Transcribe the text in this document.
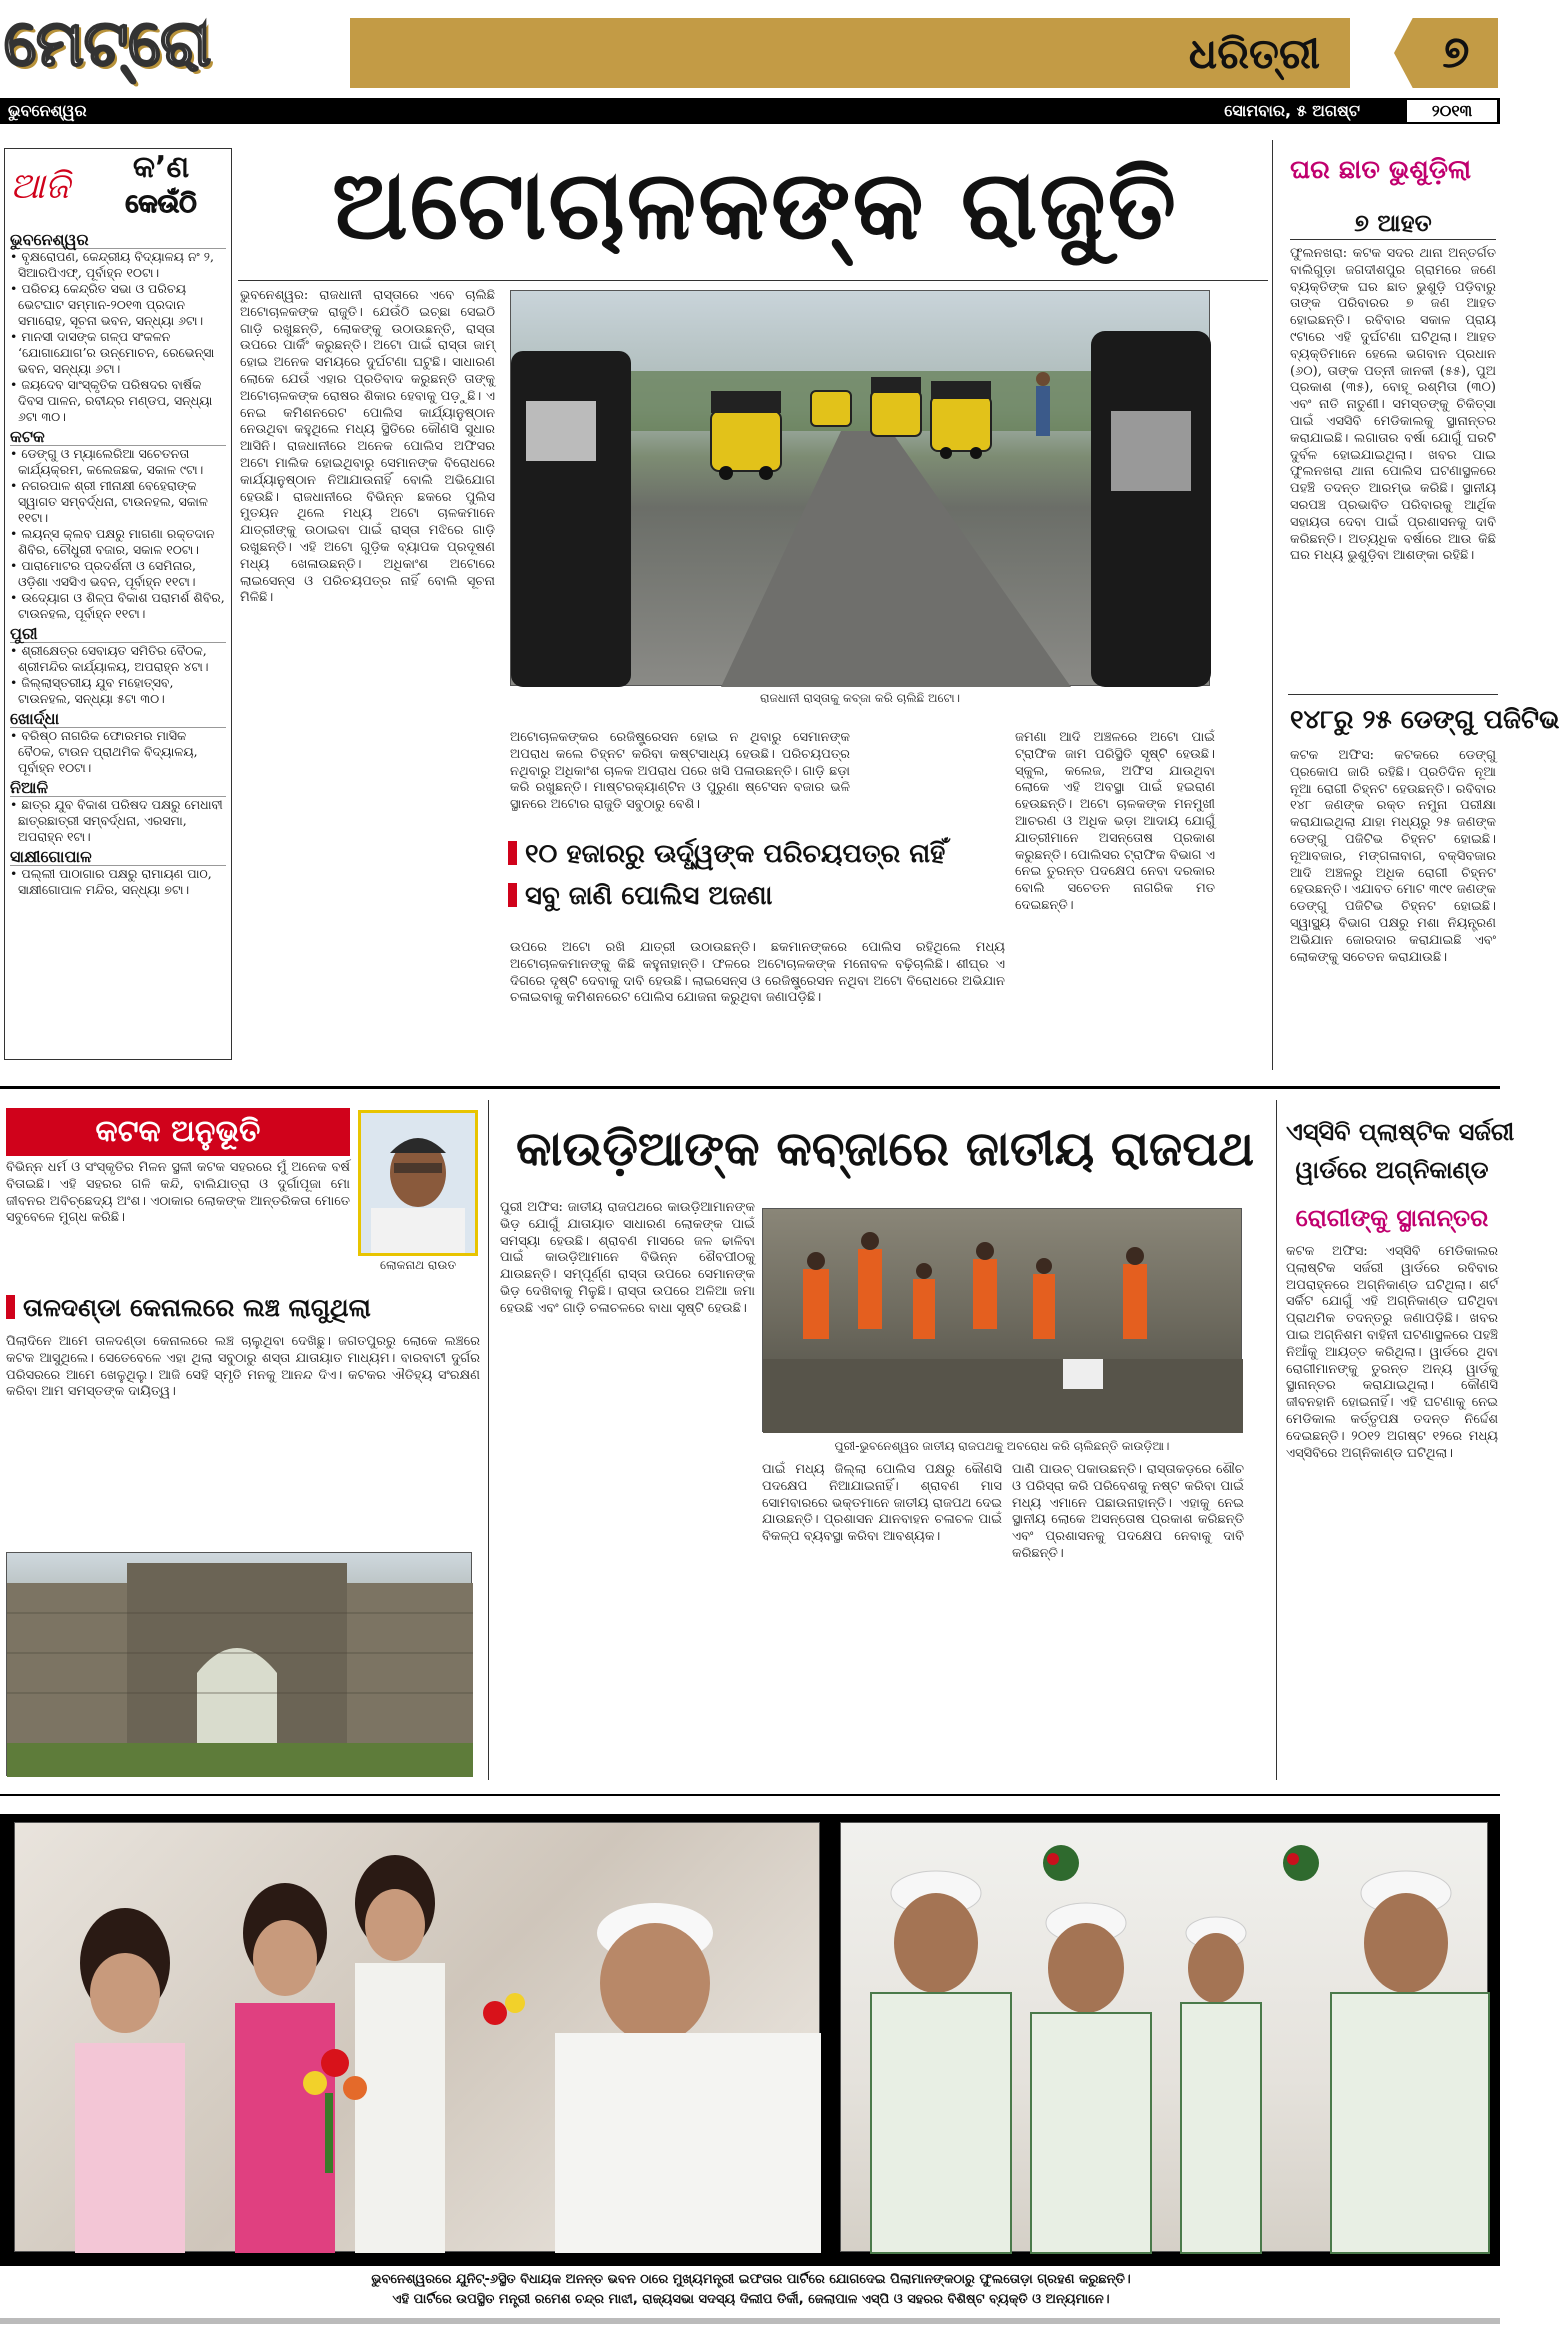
ମେଟ୍ରୋ	ଧରିତ୍ରୀ	୭
ଭୁବନେଶ୍ୱର	ସୋମବାର, ୫ ଅଗଷ୍ଟ	୨୦୧୩
ଆଜି	କ’ଣ
କେଉଁଠି
ଭୁବନେଶ୍ୱର
• ବୃକ୍ଷରୋପଣ, କେନ୍ଦ୍ରୀୟ ବିଦ୍ୟାଳୟ ନଂ ୨, ସିଆରପିଏଫ୍, ପୂର୍ବାହ୍ନ ୧୦ଟା।
• ପରିଚୟ କେନ୍ଦ୍ରିତ ସଭା ଓ ପରିଚୟ ଭେଟଘାଟ ସମ୍ମାନ-୨୦୧୩ ପ୍ରଦାନ ସମାରୋହ, ସୂଚନା ଭବନ, ସନ୍ଧ୍ୟା ୬ଟା।
• ମାନସୀ ଦାସଙ୍କ ଗଳ୍ପ ସଂକଳନ ‘ଯୋଗାଯୋଗ’ର ଉନ୍ମୋଚନ, ରେଭେନ୍ସା ଭବନ, ସନ୍ଧ୍ୟା ୬ଟା।
• ଜୟଦେବ ସାଂସ୍କୃତିକ ପରିଷଦର ବାର୍ଷିକ ଦିବସ ପାଳନ, ରବୀନ୍ଦ୍ର ମଣ୍ଡପ, ସନ୍ଧ୍ୟା ୬ଟା ୩୦।
କଟକ
• ଡେଙ୍ଗୁ ଓ ମ୍ୟାଲେରିଆ ସଚେତନତା କାର୍ଯ୍ୟକ୍ରମ, କଲେଜଛକ, ସକାଳ ୯ଟା।
• ନଗରପାଳ ଶ୍ରୀ ମୀନାକ୍ଷୀ ବେହେରାଙ୍କ ସ୍ୱାଗତ ସମ୍ବର୍ଦ୍ଧନା, ଟାଉନହଲ, ସକାଳ ୧୧ଟା।
• ଲୟନ୍ସ କ୍ଲବ ପକ୍ଷରୁ ମାଗଣା ରକ୍ତଦାନ ଶିବିର, ଚୌଧୁରୀ ବଜାର, ସକାଳ ୧୦ଟା।
• ପାରାମୋଟର ପ୍ରଦର୍ଶନୀ ଓ ସେମିନାର, ଓଡ଼ିଶା ଏସସିଏ ଭବନ, ପୂର୍ବାହ୍ନ ୧୧ଟା।
• ଉଦ୍ୟୋଗ ଓ ଶିଳ୍ପ ବିକାଶ ପରାମର୍ଶ ଶିବିର, ଟାଉନହଲ, ପୂର୍ବାହ୍ନ ୧୧ଟା।
ପୁରୀ
• ଶ୍ରୀକ୍ଷେତ୍ର ସେବାୟତ ସମିତିର ବୈଠକ, ଶ୍ରୀମନ୍ଦିର କାର୍ଯ୍ୟାଳୟ, ଅପରାହ୍ନ ୪ଟା।
• ଜିଲ୍ଲାସ୍ତରୀୟ ଯୁବ ମହୋତ୍ସବ, ଟାଉନହଲ, ସନ୍ଧ୍ୟା ୫ଟା ୩୦।
ଖୋର୍ଦ୍ଧା
• ବରିଷ୍ଠ ନାଗରିକ ଫୋରମର ମାସିକ ବୈଠକ, ଟାଉନ ପ୍ରାଥମିକ ବିଦ୍ୟାଳୟ, ପୂର୍ବାହ୍ନ ୧୦ଟା।
ନିଆଳି
• ଛାତ୍ର ଯୁବ ବିକାଶ ପରିଷଦ ପକ୍ଷରୁ ମେଧାବୀ ଛାତ୍ରଛାତ୍ରୀ ସମ୍ବର୍ଦ୍ଧନା, ଏରସମା, ଅପରାହ୍ନ ୧ଟା।
ସାକ୍ଷୀଗୋପାଳ
• ପଲ୍ଲୀ ପାଠାଗାର ପକ୍ଷରୁ ରାମାୟଣ ପାଠ, ସାକ୍ଷୀଗୋପାଳ ମନ୍ଦିର, ସନ୍ଧ୍ୟା ୭ଟା।
ଅଟୋଚାଳକଙ୍କ ରାଜୁତି
ଭୁବନେଶ୍ୱର: ରାଜଧାନୀ ରାସ୍ତାରେ ଏବେ ଚାଲିଛି ଅଟୋଚାଳକଙ୍କ ରାଜୁତି। ଯେଉଁଠି ଇଚ୍ଛା ସେଇଠି ଗାଡ଼ି ରଖୁଛନ୍ତି, ଲୋକଙ୍କୁ ଉଠାଉଛନ୍ତି, ରାସ୍ତା ଉପରେ ପାର୍କିଂ କରୁଛନ୍ତି। ଅଟୋ ପାଇଁ ରାସ୍ତା ଜାମ୍ ହୋଇ ଅନେକ ସମୟରେ ଦୁର୍ଘଟଣା ଘଟୁଛି। ସାଧାରଣ ଲୋକେ ଯେଉଁ ଏହାର ପ୍ରତିବାଦ କରୁଛନ୍ତି ତାଙ୍କୁ ଅଟୋଚାଳକଙ୍କ ରୋଷର ଶିକାର ହେବାକୁ ପଡ଼ୁଛି। ଏ ନେଇ କମିଶନରେଟ ପୋଲିସ କାର୍ଯ୍ୟାନୁଷ୍ଠାନ ନେଉଥିବା କହୁଥିଲେ ମଧ୍ୟ ସ୍ଥିତିରେ କୌଣସି ସୁଧାର ଆସିନି। ରାଜଧାନୀରେ ଅନେକ ପୋଲିସ ଅଫିସର ଅଟୋ ମାଲିକ ହୋଇଥିବାରୁ ସେମାନଙ୍କ ବିରୋଧରେ କାର୍ଯ୍ୟାନୁଷ୍ଠାନ ନିଆଯାଉନାହିଁ ବୋଲି ଅଭିଯୋଗ ହେଉଛି। ରାଜଧାନୀରେ ବିଭିନ୍ନ ଛକରେ ପୁଲିସ ମୁତୟନ ଥିଲେ ମଧ୍ୟ ଅଟୋ ଚାଳକମାନେ ଯାତ୍ରୀଙ୍କୁ ଉଠାଇବା ପାଇଁ ରାସ୍ତା ମଝିରେ ଗାଡ଼ି ରଖୁଛନ୍ତି। ଏହି ଅଟୋ ଗୁଡ଼ିକ ବ୍ୟାପକ ପ୍ରଦୂଷଣ ମଧ୍ୟ ଖେଳାଉଛନ୍ତି। ଅଧିକାଂଶ ଅଟୋରେ ଲାଇସେନ୍ସ ଓ ପରିଚୟପତ୍ର ନାହିଁ ବୋଲି ସୂଚନା ମିଳିଛି।
ରାଜଧାନୀ ରାସ୍ତାକୁ କବ୍ଜା କରି ଚାଲିଛି ଅଟୋ।
ଅଟୋଚାଳକଙ୍କର ରେଜିଷ୍ଟ୍ରେସନ ହୋଇ ନ ଥିବାରୁ ସେମାନଙ୍କ ଅପରାଧ କଲେ ଚିହ୍ନଟ କରିବା କଷ୍ଟସାଧ୍ୟ ହେଉଛି। ପରିଚୟପତ୍ର ନଥିବାରୁ ଅଧିକାଂଶ ଚାଳକ ଅପରାଧ ପରେ ଖସି ପଳାଉଛନ୍ତି। ଗାଡ଼ି ଛଡ଼ା କରି ରଖୁଛନ୍ତି। ମାଷ୍ଟରକ୍ୟାଣ୍ଟିନ ଓ ପୁରୁଣା ଷ୍ଟେସନ ବଜାର ଭଳି ସ୍ଥାନରେ ଅଟୋର ରାଜୁତି ସବୁଠାରୁ ବେଶି।
ଜମଣା ଆଦି ଅଞ୍ଚଳରେ ଅଟୋ ପାଇଁ ଟ୍ରାଫିକ ଜାମ ପରିସ୍ଥିତି ସୃଷ୍ଟି ହେଉଛି। ସ୍କୁଲ, କଲେଜ, ଅଫିସ ଯାଉଥିବା ଲୋକେ ଏହି ଅବସ୍ଥା ପାଇଁ ହଇରାଣ ହେଉଛନ୍ତି। ଅଟୋ ଚାଳକଙ୍କ ମନମୁଖୀ ଆଚରଣ ଓ ଅଧିକ ଭଡ଼ା ଆଦାୟ ଯୋଗୁଁ ଯାତ୍ରୀମାନେ ଅସନ୍ତୋଷ ପ୍ରକାଶ କରୁଛନ୍ତି। ପୋଲିସର ଟ୍ରାଫିକ ବିଭାଗ ଏ ନେଇ ତୁରନ୍ତ ପଦକ୍ଷେପ ନେବା ଦରକାର ବୋଲି ସଚେତନ ନାଗରିକ ମତ ଦେଇଛନ୍ତି।
୧୦ ହଜାରରୁ ଊର୍ଦ୍ଧ୍ୱଙ୍କ ପରିଚୟପତ୍ର ନାହିଁ
ସବୁ ଜାଣି ପୋଲିସ ଅଜଣା
ଉପରେ ଅଟୋ ରଖି ଯାତ୍ରୀ ଉଠାଉଛନ୍ତି। ଛକମାନଙ୍କରେ ପୋଲିସ ରହିଥିଲେ ମଧ୍ୟ ଅଟୋଚାଳକମାନଙ୍କୁ କିଛି କହୁନାହାନ୍ତି। ଫଳରେ ଅଟୋଚାଳକଙ୍କ ମନୋବଳ ବଢ଼ିଚାଲିଛି। ଶୀଘ୍ର ଏ ଦିଗରେ ଦୃଷ୍ଟି ଦେବାକୁ ଦାବି ହେଉଛି। ଲାଇସେନ୍ସ ଓ ରେଜିଷ୍ଟ୍ରେସନ ନଥିବା ଅଟୋ ବିରୋଧରେ ଅଭିଯାନ ଚଳାଇବାକୁ କମିଶନରେଟ ପୋଲିସ ଯୋଜନା କରୁଥିବା ଜଣାପଡ଼ିଛି।
ଘର ଛାତ ଭୁଶୁଡ଼ିଲା
୭ ଆହତ
ଫୁଲନଖରା: କଟକ ସଦର ଥାନା ଅନ୍ତର୍ଗତ ବାଲିଗୁଡ଼ା ଜଗଦୀଶପୁର ଗ୍ରାମରେ ଜଣେ ବ୍ୟକ୍ତିଙ୍କ ଘର ଛାତ ଭୁଶୁଡ଼ି ପଡ଼ିବାରୁ ତାଙ୍କ ପରିବାରର ୭ ଜଣ ଆହତ ହୋଇଛନ୍ତି। ରବିବାର ସକାଳ ପ୍ରାୟ ୯ଟାରେ ଏହି ଦୁର୍ଘଟଣା ଘଟିଥିଲା। ଆହତ ବ୍ୟକ୍ତିମାନେ ହେଲେ ଭଗବାନ ପ୍ରଧାନ (୬୦), ତାଙ୍କ ପତ୍ନୀ ଜାନକୀ (୫୫), ପୁଅ ପ୍ରକାଶ (୩୫), ବୋହୂ ରଶ୍ମିତା (୩୦) ଏବଂ ନାତି ନାତୁଣୀ। ସମସ୍ତଙ୍କୁ ଚିକିତ୍ସା ପାଇଁ ଏସସିବି ମେଡିକାଲକୁ ସ୍ଥାନାନ୍ତର କରାଯାଇଛି। ଲଗାତାର ବର୍ଷା ଯୋଗୁଁ ଘରଟି ଦୁର୍ବଳ ହୋଇଯାଇଥିଲା। ଖବର ପାଇ ଫୁଲନଖରା ଥାନା ପୋଲିସ ଘଟଣାସ୍ଥଳରେ ପହଞ୍ଚି ତଦନ୍ତ ଆରମ୍ଭ କରିଛି। ସ୍ଥାନୀୟ ସରପଞ୍ଚ ପ୍ରଭାବିତ ପରିବାରକୁ ଆର୍ଥିକ ସହାୟତା ଦେବା ପାଇଁ ପ୍ରଶାସନକୁ ଦାବି କରିଛନ୍ତି। ଅତ୍ୟଧିକ ବର୍ଷାରେ ଆଉ କିଛି ଘର ମଧ୍ୟ ଭୁଶୁଡ଼ିବା ଆଶଙ୍କା ରହିଛି।
୧୪୮ରୁ ୨୫ ଡେଙ୍ଗୁ ପଜିଟିଭ
କଟକ ଅଫିସ: କଟକରେ ଡେଙ୍ଗୁ ପ୍ରକୋପ ଜାରି ରହିଛି। ପ୍ରତିଦିନ ନୂଆ ନୂଆ ରୋଗୀ ଚିହ୍ନଟ ହେଉଛନ୍ତି। ରବିବାର ୧୪୮ ଜଣଙ୍କ ରକ୍ତ ନମୁନା ପରୀକ୍ଷା କରାଯାଇଥିଲା ଯାହା ମଧ୍ୟରୁ ୨୫ ଜଣଙ୍କ ଡେଙ୍ଗୁ ପଜିଟିଭ ଚିହ୍ନଟ ହୋଇଛି। ନୂଆବଜାର, ମଙ୍ଗଳାବାଗ, ବକ୍ସିବଜାର ଆଦି ଅଞ୍ଚଳରୁ ଅଧିକ ରୋଗୀ ଚିହ୍ନଟ ହେଉଛନ୍ତି। ଏଯାବତ ମୋଟ ୩୯୧ ଜଣଙ୍କ ଡେଙ୍ଗୁ ପଜିଟିଭ ଚିହ୍ନଟ ହୋଇଛି। ସ୍ୱାସ୍ଥ୍ୟ ବିଭାଗ ପକ୍ଷରୁ ମଶା ନିୟନ୍ତ୍ରଣ ଅଭିଯାନ ଜୋରଦାର କରାଯାଇଛି ଏବଂ ଲୋକଙ୍କୁ ସଚେତନ କରାଯାଉଛି।
କଟକ ଅନୁଭୂତି
ବିଭିନ୍ନ ଧର୍ମ ଓ ସଂସ୍କୃତିର ମିଳନ ସ୍ଥଳୀ କଟକ ସହରରେ ମୁଁ ଅନେକ ବର୍ଷ ବିତାଇଛି। ଏହି ସହରର ଗଳି କନ୍ଦି, ବାଲିଯାତ୍ରା ଓ ଦୁର୍ଗାପୂଜା ମୋ ଜୀବନର ଅବିଚ୍ଛେଦ୍ୟ ଅଂଶ। ଏଠାକାର ଲୋକଙ୍କ ଆନ୍ତରିକତା ମୋତେ ସବୁବେଳେ ମୁଗ୍ଧ କରିଛି।
ଲୋକନାଥ ରାଉତ
ତାଳଦଣ୍ଡା କେନାଲରେ ଲଞ୍ଚ ଲାଗୁଥିଲା
ପିଲାଦିନେ ଆମେ ତାଳଦଣ୍ଡା କେନାଲରେ ଲଞ୍ଚ ଚାଲୁଥିବା ଦେଖିଛୁ। ଜଗତପୁରରୁ ଲୋକେ ଲଞ୍ଚରେ କଟକ ଆସୁଥିଲେ। ସେତେବେଳେ ଏହା ଥିଲା ସବୁଠାରୁ ଶସ୍ତା ଯାତାୟାତ ମାଧ୍ୟମ। ବାରବାଟୀ ଦୁର୍ଗର ପରିସରରେ ଆମେ ଖେଳୁଥିଲୁ। ଆଜି ସେହି ସ୍ମୃତି ମନକୁ ଆନନ୍ଦ ଦିଏ। କଟକର ଐତିହ୍ୟ ସଂରକ୍ଷଣ କରିବା ଆମ ସମସ୍ତଙ୍କ ଦାୟିତ୍ୱ।
କାଉଡ଼ିଆଙ୍କ କବ୍ଜାରେ ଜାତୀୟ ରାଜପଥ
ପୁରୀ ଅଫିସ: ଜାତୀୟ ରାଜପଥରେ କାଉଡ଼ିଆମାନଙ୍କ ଭିଡ଼ ଯୋଗୁଁ ଯାତାୟାତ ସାଧାରଣ ଲୋକଙ୍କ ପାଇଁ ସମସ୍ୟା ହେଉଛି। ଶ୍ରାବଣ ମାସରେ ଜଳ ଢାଳିବା ପାଇଁ କାଉଡ଼ିଆମାନେ ବିଭିନ୍ନ ଶୈବପୀଠକୁ ଯାଉଛନ୍ତି। ସମ୍ପୂର୍ଣ୍ଣ ରାସ୍ତା ଉପରେ ସେମାନଙ୍କ ଭିଡ଼ ଦେଖିବାକୁ ମିଳୁଛି। ରାସ୍ତା ଉପରେ ଅଳିଆ ଜମା ହେଉଛି ଏବଂ ଗାଡ଼ି ଚଳାଚଳରେ ବାଧା ସୃଷ୍ଟି ହେଉଛି।
ପୁରୀ-ଭୁବନେଶ୍ୱର ଜାତୀୟ ରାଜପଥକୁ ଅବରୋଧ କରି ଚାଲିଛନ୍ତି କାଉଡ଼ିଆ।
ପାଇଁ ମଧ୍ୟ ଜିଲ୍ଲା ପୋଲିସ ପକ୍ଷରୁ କୌଣସି ପଦକ୍ଷେପ ନିଆଯାଇନାହିଁ। ଶ୍ରାବଣ ମାସ ସୋମବାରରେ ଭକ୍ତମାନେ ଜାତୀୟ ରାଜପଥ ଦେଇ ଯାଉଛନ୍ତି। ପ୍ରଶାସନ ଯାନବାହନ ଚଳାଚଳ ପାଇଁ ବିକଳ୍ପ ବ୍ୟବସ୍ଥା କରିବା ଆବଶ୍ୟକ।
ପାଣି ପାଉଚ୍ ପକାଉଛନ୍ତି। ରାସ୍ତାକଡ଼ରେ ଶୌଚ ଓ ପରିସ୍ରା କରି ପରିବେଶକୁ ନଷ୍ଟ କରିବା ପାଇଁ ମଧ୍ୟ ଏମାନେ ପଛାଉନାହାନ୍ତି। ଏହାକୁ ନେଇ ସ୍ଥାନୀୟ ଲୋକେ ଅସନ୍ତୋଷ ପ୍ରକାଶ କରିଛନ୍ତି ଏବଂ ପ୍ରଶାସନକୁ ପଦକ୍ଷେପ ନେବାକୁ ଦାବି କରିଛନ୍ତି।
ଏସ୍‌ସିବି ପ୍ଲାଷ୍ଟିକ ସର୍ଜରୀ
ୱାର୍ଡରେ ଅଗ୍ନିକାଣ୍ଡ
ରୋଗୀଙ୍କୁ ସ୍ଥାନାନ୍ତର
କଟକ ଅଫିସ: ଏସ୍‌ସିବି ମେଡିକାଲର ପ୍ଲାଷ୍ଟିକ ସର୍ଜରୀ ୱାର୍ଡରେ ରବିବାର ଅପରାହ୍ନରେ ଅଗ୍ନିକାଣ୍ଡ ଘଟିଥିଲା। ଶର୍ଟ ସର୍କିଟ ଯୋଗୁଁ ଏହି ଅଗ୍ନିକାଣ୍ଡ ଘଟିଥିବା ପ୍ରାଥମିକ ତଦନ୍ତରୁ ଜଣାପଡ଼ିଛି। ଖବର ପାଇ ଅଗ୍ନିଶମ ବାହିନୀ ଘଟଣାସ୍ଥଳରେ ପହଞ୍ଚି ନିଆଁକୁ ଆୟତ୍ତ କରିଥିଲା। ୱାର୍ଡରେ ଥିବା ରୋଗୀମାନଙ୍କୁ ତୁରନ୍ତ ଅନ୍ୟ ୱାର୍ଡକୁ ସ୍ଥାନାନ୍ତର କରାଯାଇଥିଲା। କୌଣସି ଜୀବନହାନି ହୋଇନାହିଁ। ଏହି ଘଟଣାକୁ ନେଇ ମେଡିକାଲ କର୍ତ୍ତୃପକ୍ଷ ତଦନ୍ତ ନିର୍ଦ୍ଦେଶ ଦେଇଛନ୍ତି। ୨୦୧୨ ଅଗଷ୍ଟ ୧୨ରେ ମଧ୍ୟ ଏସ୍‌ସିବିରେ ଅଗ୍ନିକାଣ୍ଡ ଘଟିଥିଲା।
ଭୁବନେଶ୍ୱରରେ ଯୁନିଟ୍-୬ସ୍ଥିତ ବିଧାୟକ ଅନନ୍ତ ଭବନ ଠାରେ ମୁଖ୍ୟମନ୍ତ୍ରୀ ଇଫତାର ପାର୍ଟିରେ ଯୋଗଦେଇ ପିଲାମାନଙ୍କଠାରୁ ଫୁଲତୋଡ଼ା ଗ୍ରହଣ କରୁଛନ୍ତି।
ଏହି ପାର୍ଟିରେ ଉପସ୍ଥିତ ମନ୍ତ୍ରୀ ରମେଶ ଚନ୍ଦ୍ର ମାଝୀ, ରାଜ୍ୟସଭା ସଦସ୍ୟ ଦିଲୀପ ତିର୍କୀ, ଜେଲାପାଳ ଏସ୍‌ପି ଓ ସହରର ବିଶିଷ୍ଟ ବ୍ୟକ୍ତି ଓ ଅନ୍ୟମାନେ।
